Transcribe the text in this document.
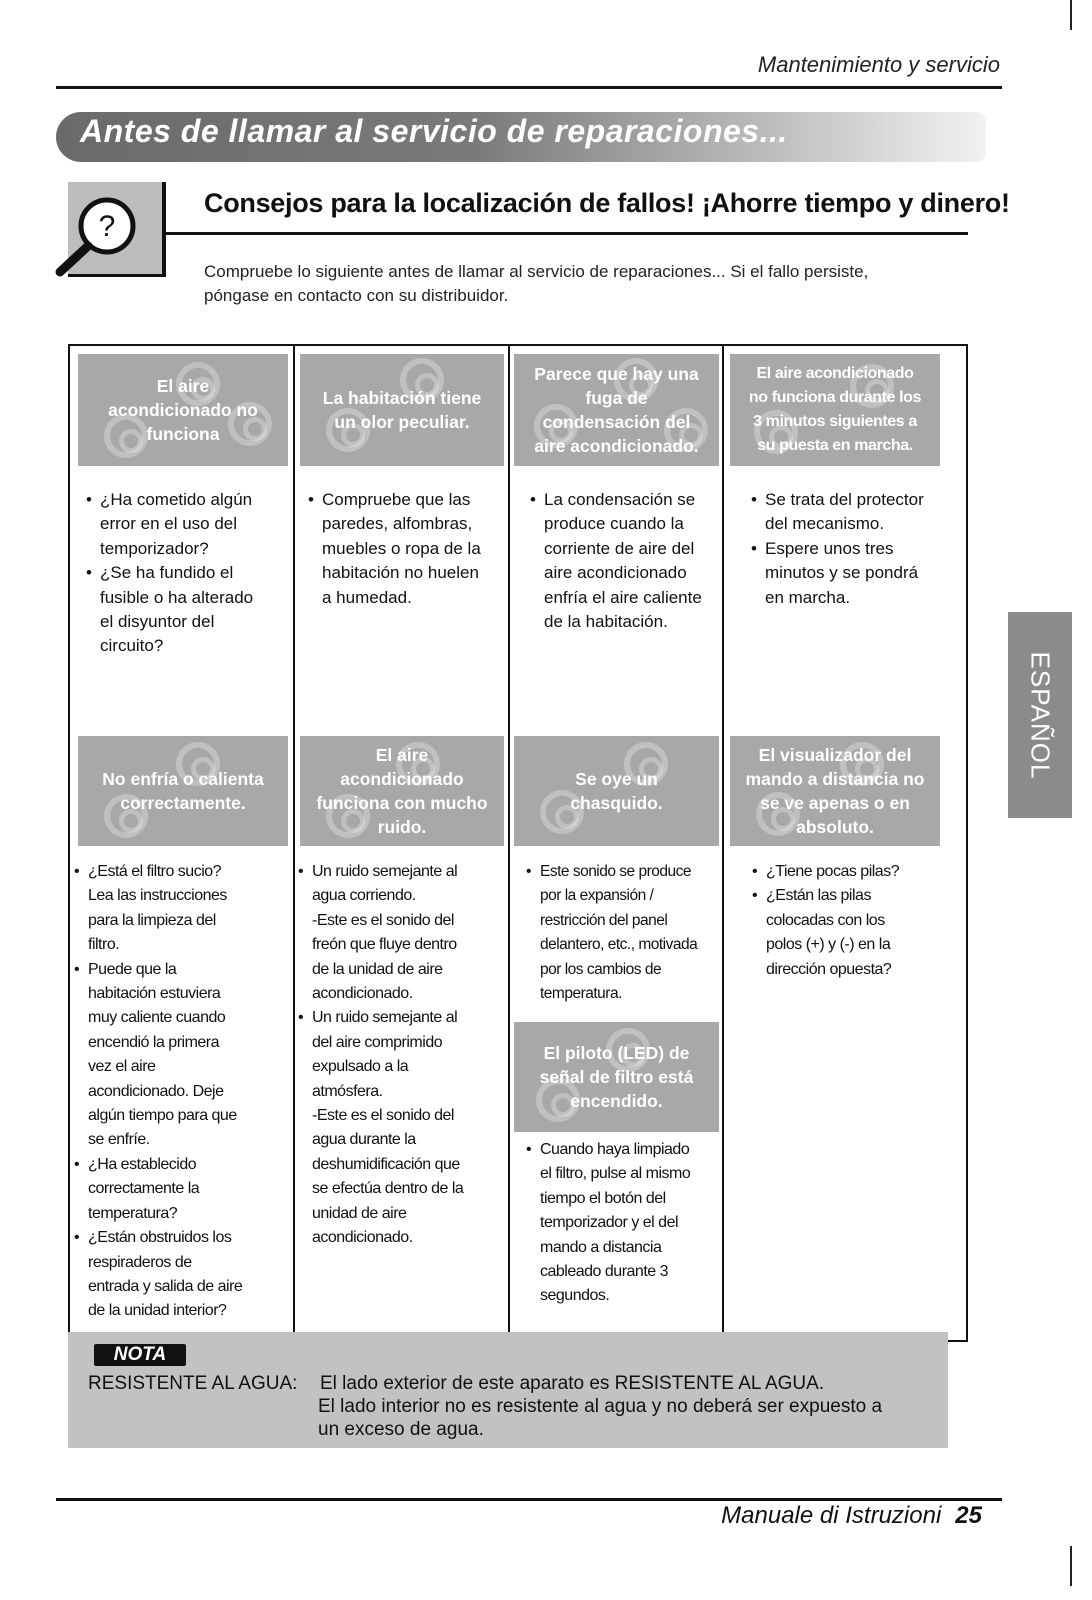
Mantenimiento y servicio
Antes de llamar al servicio de reparaciones...
?
Consejos para la localización de fallos! ¡Ahorre tiempo y dinero!
Compruebe lo siguiente antes de llamar al servicio de reparaciones... Si el fallo persiste,
póngase en contacto con su distribuidor.
El aire
acondicionado no
funciona
La habitación tiene
un olor peculiar.
Parece que hay una
fuga de
condensación del
aire acondicionado.
El aire acondicionado
no funciona durante los
3 minutos siguientes a
su puesta en marcha.
• ¿Ha cometido algún
error en el uso del
temporizador?
• ¿Se ha fundido el
fusible o ha alterado
el disyuntor del
circuito?
• Compruebe que las
paredes, alfombras,
muebles o ropa de la
habitación no huelen
a humedad.
• La condensación se
produce cuando la
corriente de aire del
aire acondicionado
enfría el aire caliente
de la habitación.
• Se trata del protector
del mecanismo.
• Espere unos tres
minutos y se pondrá
en marcha.
No enfría o calienta
correctamente.
El aire
acondicionado
funciona con mucho
ruido.
Se oye un
chasquido.
El visualizador del
mando a distancia no
se ve apenas o en
absoluto.
• ¿Está el filtro sucio?
Lea las instrucciones
para la limpieza del
filtro.
• Puede que la
habitación estuviera
muy caliente cuando
encendió la primera
vez el aire
acondicionado. Deje
algún tiempo para que
se enfríe.
• ¿Ha establecido
correctamente la
temperatura?
• ¿Están obstruidos los
respiraderos de
entrada y salida de aire
de la unidad interior?
• Un ruido semejante al
agua corriendo.
-Este es el sonido del
freón que fluye dentro
de la unidad de aire
acondicionado.
• Un ruido semejante al
del aire comprimido
expulsado a la
atmósfera.
-Este es el sonido del
agua durante la
deshumidificación que
se efectúa dentro de la
unidad de aire
acondicionado.
• Este sonido se produce
por la expansión /
restricción del panel
delantero, etc., motivada
por los cambios de
temperatura.
El piloto (LED) de
señal de filtro está
encendido.
• Cuando haya limpiado
el filtro, pulse al mismo
tiempo el botón del
temporizador y el del
mando a distancia
cableado durante 3
segundos.
• ¿Tiene pocas pilas?
• ¿Están las pilas
colocadas con los
polos (+) y (-) en la
dirección opuesta?
ESPAÑOL
NOTA
RESISTENTE AL AGUA: El lado exterior de este aparato es RESISTENTE AL AGUA.
El lado interior no es resistente al agua y no deberá ser expuesto a
un exceso de agua.
Manuale di Istruzioni 25
